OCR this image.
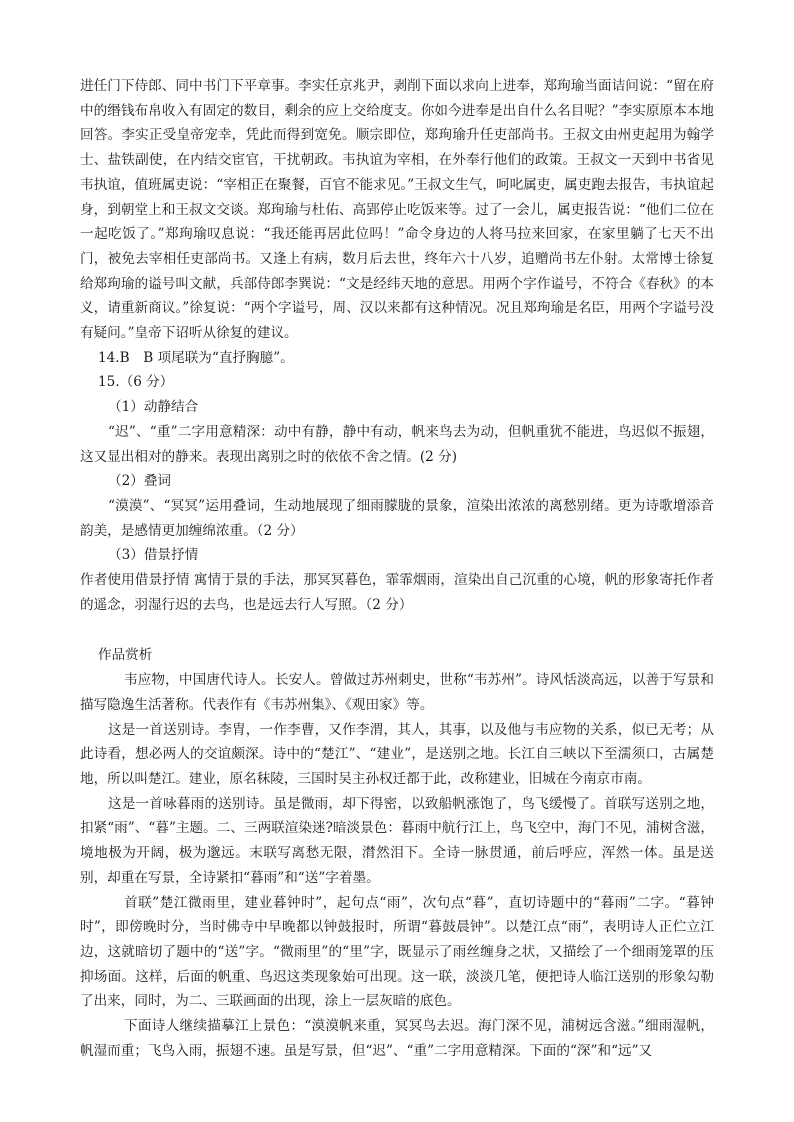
进任门下侍郎、同中书门下平章事。李实任京兆尹，剥削下面以求向上进奉，郑珣瑜当面诘问说：“留在府中的缗钱布帛收入有固定的数目，剩余的应上交给度支。你如今进奉是出自什么名目呢？”李实原原本本地回答。李实正受皇帝宠幸，凭此而得到宽免。顺宗即位，郑珣瑜升任吏部尚书。王叔文由州吏起用为翰学士、盐铁副使，在内结交宦官，干扰朝政。韦执谊为宰相，在外奉行他们的政策。王叔文一天到中书省见韦执谊，值班属吏说：“宰相正在聚餐，百官不能求见。”王叔文生气，呵叱属吏，属吏跑去报告，韦执谊起身，到朝堂上和王叔文交谈。郑珣瑜与杜佑、高郢停止吃饭来等。过了一会儿，属吏报告说：“他们二位在一起吃饭了。”郑珣瑜叹息说：“我还能再居此位吗！”命令身边的人将马拉来回家，在家里躺了七天不出门，被免去宰相任吏部尚书。又逢上有病，数月后去世，终年六十八岁，追赠尚书左仆射。太常博士徐复给郑珣瑜的谥号叫文献，兵部侍郎李巽说：“文是经纬天地的意思。用两个字作谥号，不符合《春秋》的本义，请重新商议。”徐复说：“两个字谥号，周、汉以来都有这种情况。况且郑珣瑜是名臣，用两个字谥号没有疑问。”皇帝下诏听从徐复的建议。

14.B　B 项尾联为“直抒胸臆”。

15.（6 分）

（1）动静结合

“迟”、“重”二字用意精深：动中有静，静中有动，帆来鸟去为动，但帆重犹不能进，鸟迟似不振翅，这又显出相对的静来。表现出离别之时的依依不舍之情。(2 分)

（2）叠词

“漠漠”、“冥冥”运用叠词，生动地展现了细雨朦胧的景象，渲染出浓浓的离愁别绪。更为诗歌增添音韵美，是感情更加缠绵浓重。（2 分）

（3）借景抒情

作者使用借景抒情 寓情于景的手法，那冥冥暮色，霏霏烟雨，渲染出自己沉重的心境，帆的形象寄托作者的遥念，羽湿行迟的去鸟，也是远去行人写照。（2 分）

作品赏析

韦应物，中国唐代诗人。长安人。曾做过苏州刺史，世称“韦苏州”。诗风恬淡高远，以善于写景和描写隐逸生活著称。代表作有《韦苏州集》、《观田家》等。

这是一首送别诗。李胄，一作李曹，又作李渭，其人，其事，以及他与韦应物的关系，似已无考；从此诗看，想必两人的交谊颇深。诗中的“楚江”、“建业”，是送别之地。长江自三峡以下至濡须口，古属楚地，所以叫楚江。建业，原名秣陵，三国时吴主孙权迁都于此，改称建业，旧城在今南京市南。

这是一首咏暮雨的送别诗。虽是微雨，却下得密，以致船帆涨饱了，鸟飞缓慢了。首联写送别之地，扣紧“雨”、“暮”主题。二、三两联渲染迷?暗淡景色：暮雨中航行江上，鸟飞空中，海门不见，浦树含滋，境地极为开阔，极为邈远。末联写离愁无限，潸然泪下。全诗一脉贯通，前后呼应，浑然一体。虽是送别，却重在写景，全诗紧扣“暮雨”和“送”字着墨。

首联”楚江微雨里，建业暮钟时”，起句点“雨”，次句点“暮”，直切诗题中的“暮雨”二字。“暮钟时”，即傍晚时分，当时佛寺中早晚都以钟鼓报时，所谓“暮鼓晨钟”。以楚江点“雨”，表明诗人正伫立江边，这就暗切了题中的“送”字。“微雨里”的“里”字，既显示了雨丝缠身之状，又描绘了一个细雨笼罩的压抑场面。这样，后面的帆重、鸟迟这类现象始可出现。这一联，淡淡几笔，便把诗人临江送别的形象勾勒了出来，同时，为二、三联画面的出现，涂上一层灰暗的底色。

下面诗人继续描摹江上景色：“漠漠帆来重，冥冥鸟去迟。海门深不见，浦树远含滋。”细雨湿帆，帆湿而重；飞鸟入雨，振翅不速。虽是写景，但“迟”、“重”二字用意精深。下面的“深”和“远”又
